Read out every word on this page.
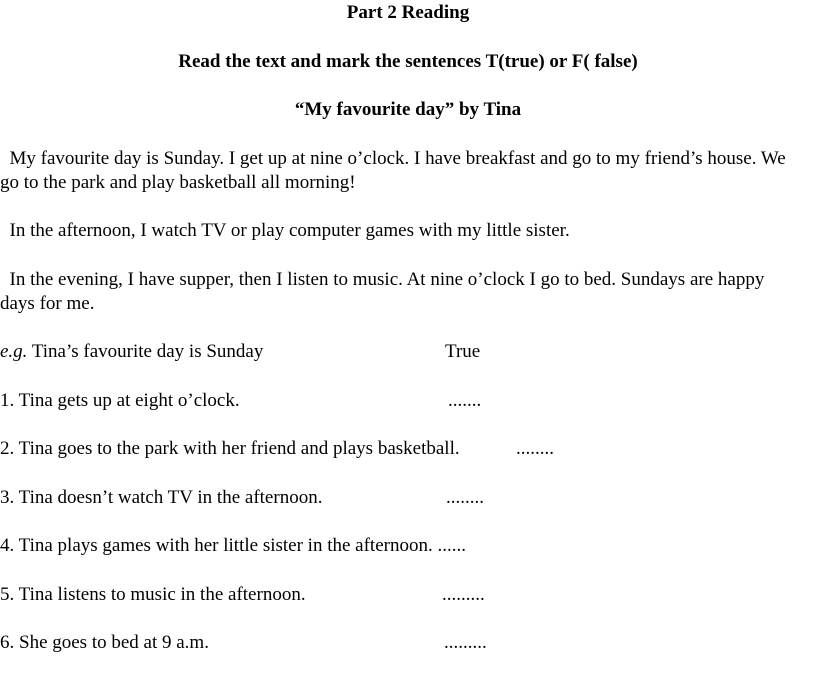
Part 2 Reading
Read the text and mark the sentences T(true) or F( false)
“My favourite day” by Tina
My favourite day is Sunday. I get up at nine o’clock. I have breakfast and go to my friend’s house. We go to the park and play basketball all morning!
In the afternoon, I watch TV or play computer games with my little sister.
In the evening, I have supper, then I listen to music. At nine o’clock I go to bed. Sundays are happy days for me.
e.g. Tina’s favourite day is Sunday	True
1. Tina gets up at eight o’clock.	.......
2. Tina goes to the park with her friend and plays basketball.	........
3. Tina doesn’t watch TV in the afternoon.	........
4. Tina plays games with her little sister in the afternoon. ......
5. Tina listens to music in the afternoon.	.........
6. She goes to bed at 9 a.m.	.........
